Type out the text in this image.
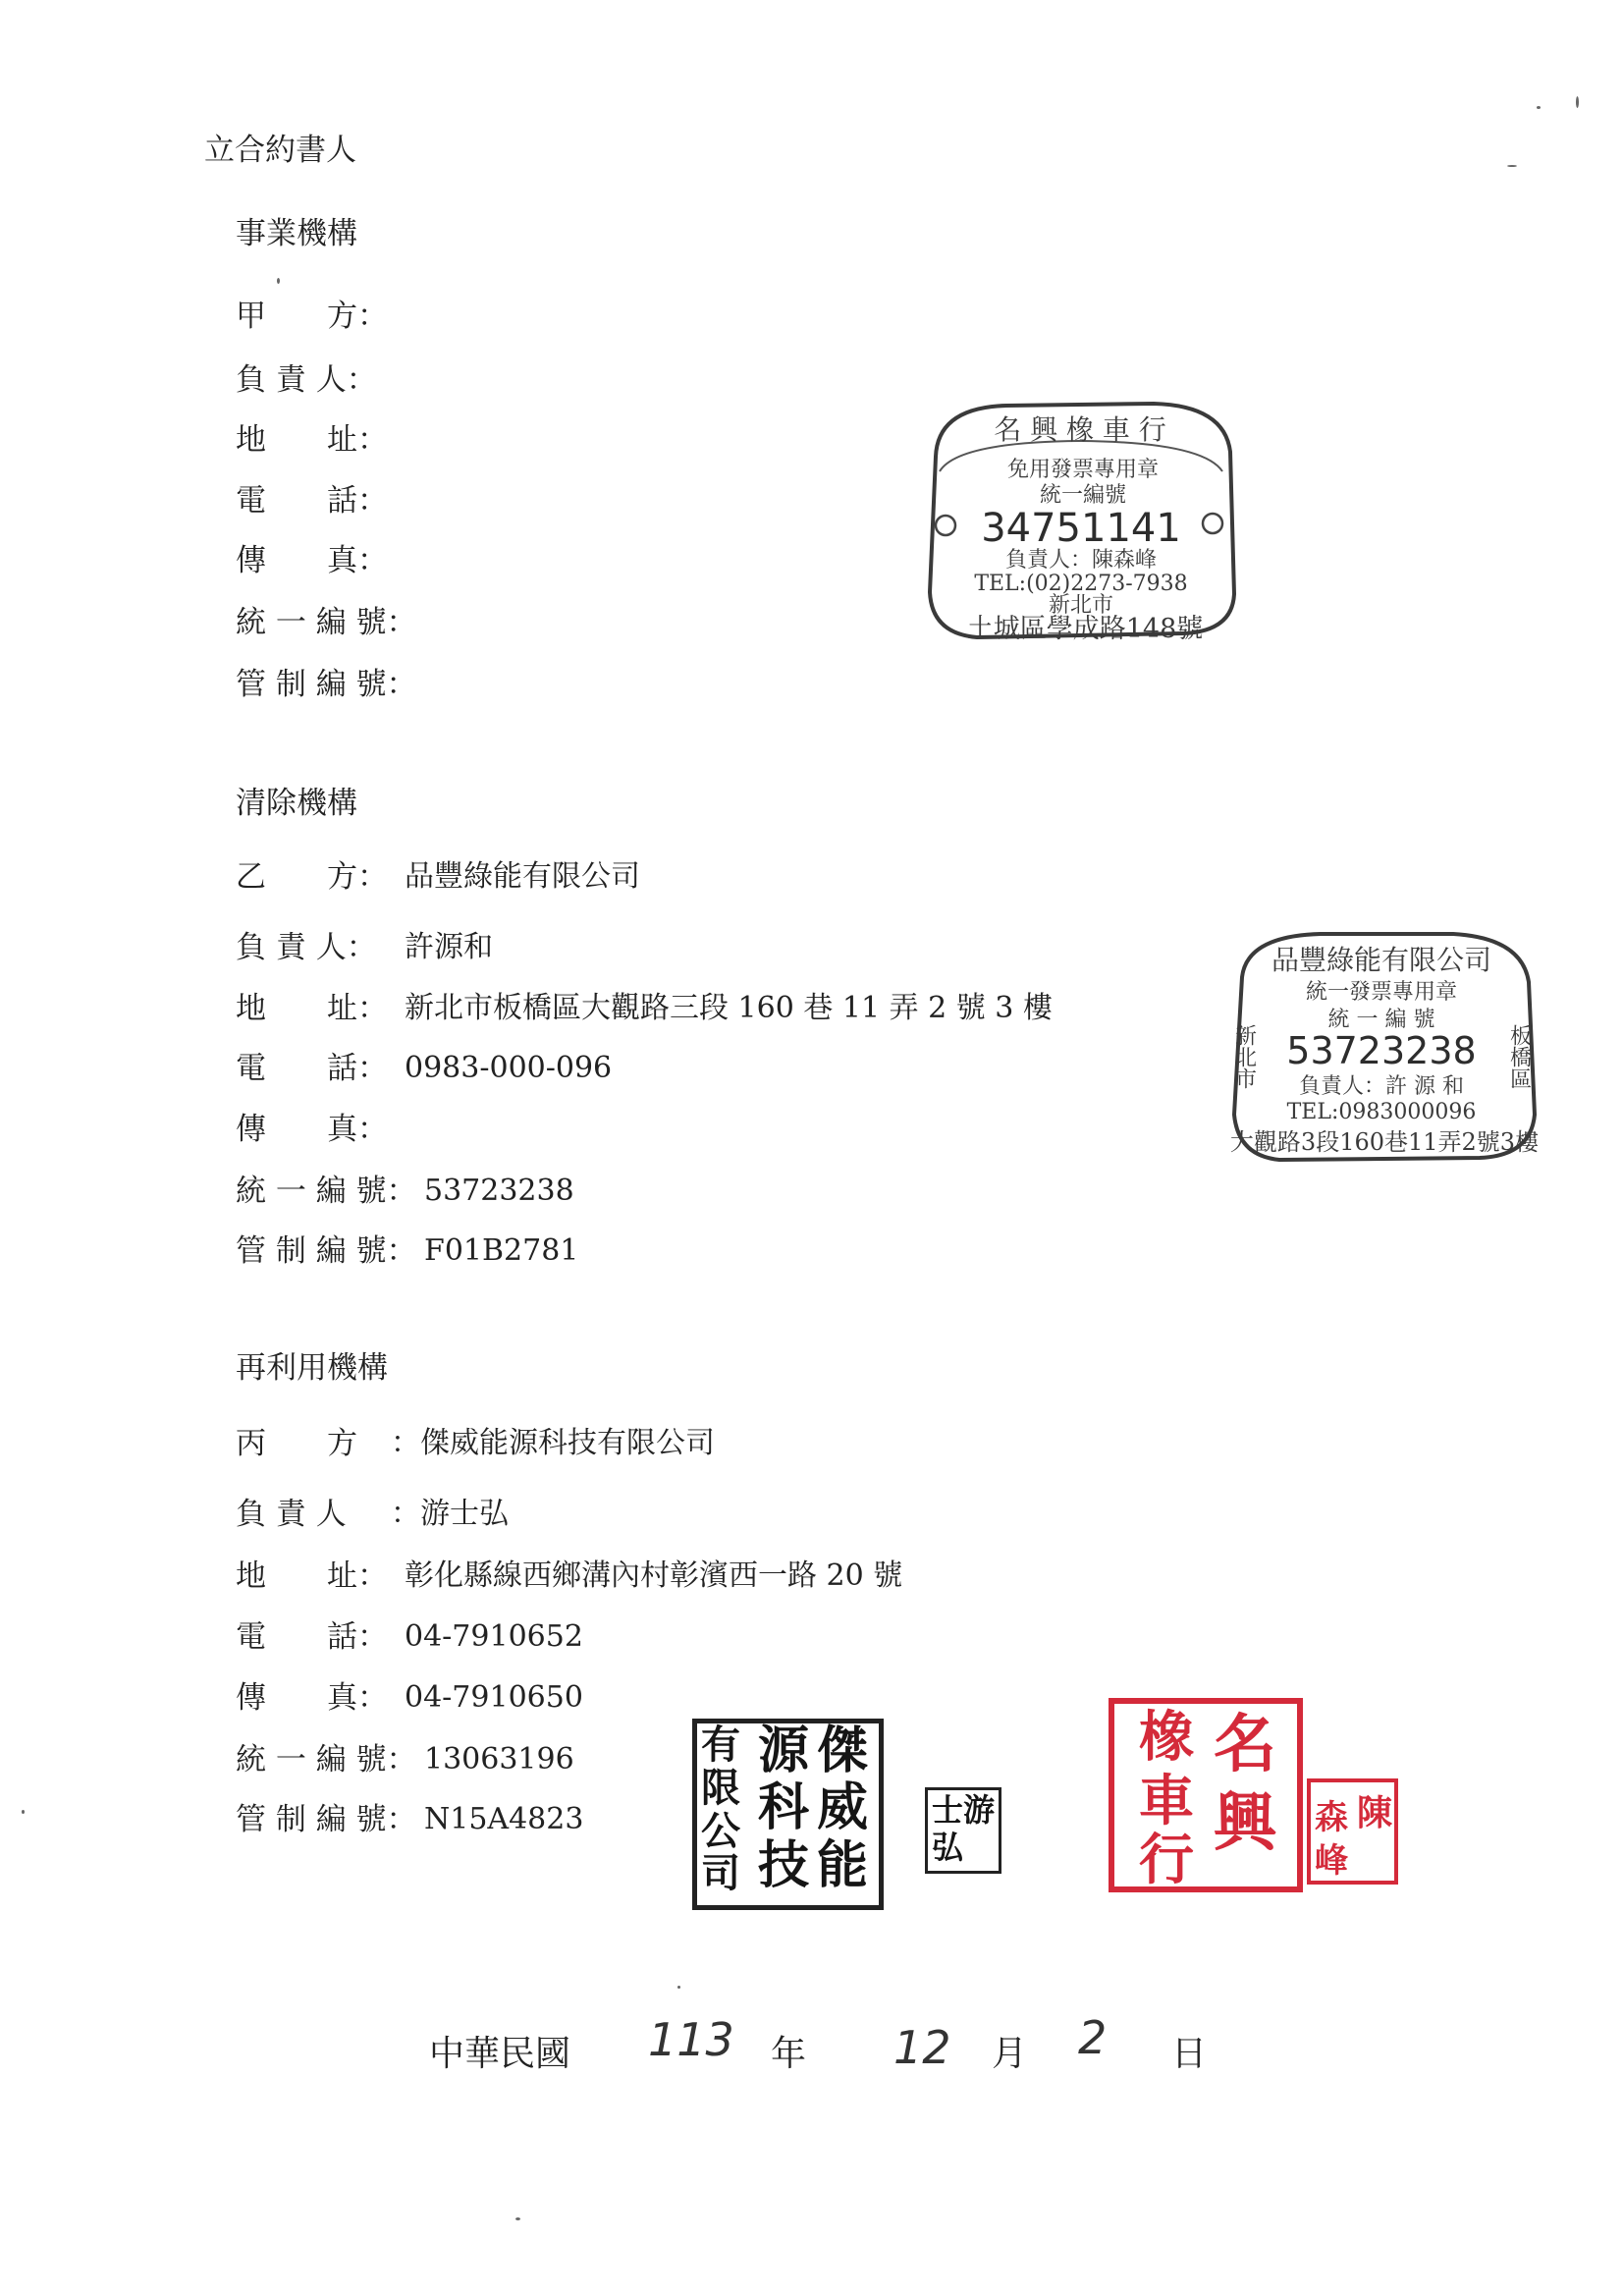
立合約書人
事業機構
甲　　方：
負 責 人：
地　　址：
電　　話：
傳　　真：
統 一 編 號：
管 制 編 號：
名 興 橡 車 行
免用發票專用章
統一編號
34751141
負責人：陳森峰
TEL:(02)2273-7938
新北市
土城區學成路148號
清除機構
乙　　方： 品豐綠能有限公司
負 責 人： 許源和
地　　址： 新北市板橋區大觀路三段 160 巷 11 弄 2 號 3 樓
電　　話： 0983-000-096
傳　　真：
統 一 編 號： 53723238
管 制 編 號： F01B2781
品豐綠能有限公司
統一發票專用章
統 一 編 號
新北市	板橋區
53723238
負責人：許 源 和
TEL:0983000096
大觀路3段160巷11弄2號3樓
再利用機構
丙　　方 ：傑威能源科技有限公司
負 責 人 ：游士弘
地　　址： 彰化縣線西鄉溝內村彰濱西一路 20 號
電　　話： 04-7910652
傳　　真： 04-7910650
統 一 編 號： 13063196
管 制 編 號： N15A4823
傑
威
能
源
科
技
有
限
公
司
游
士
弘
名
興
橡
車
行
陳
森
峰
中華民國 113 年 12 月 2 日
